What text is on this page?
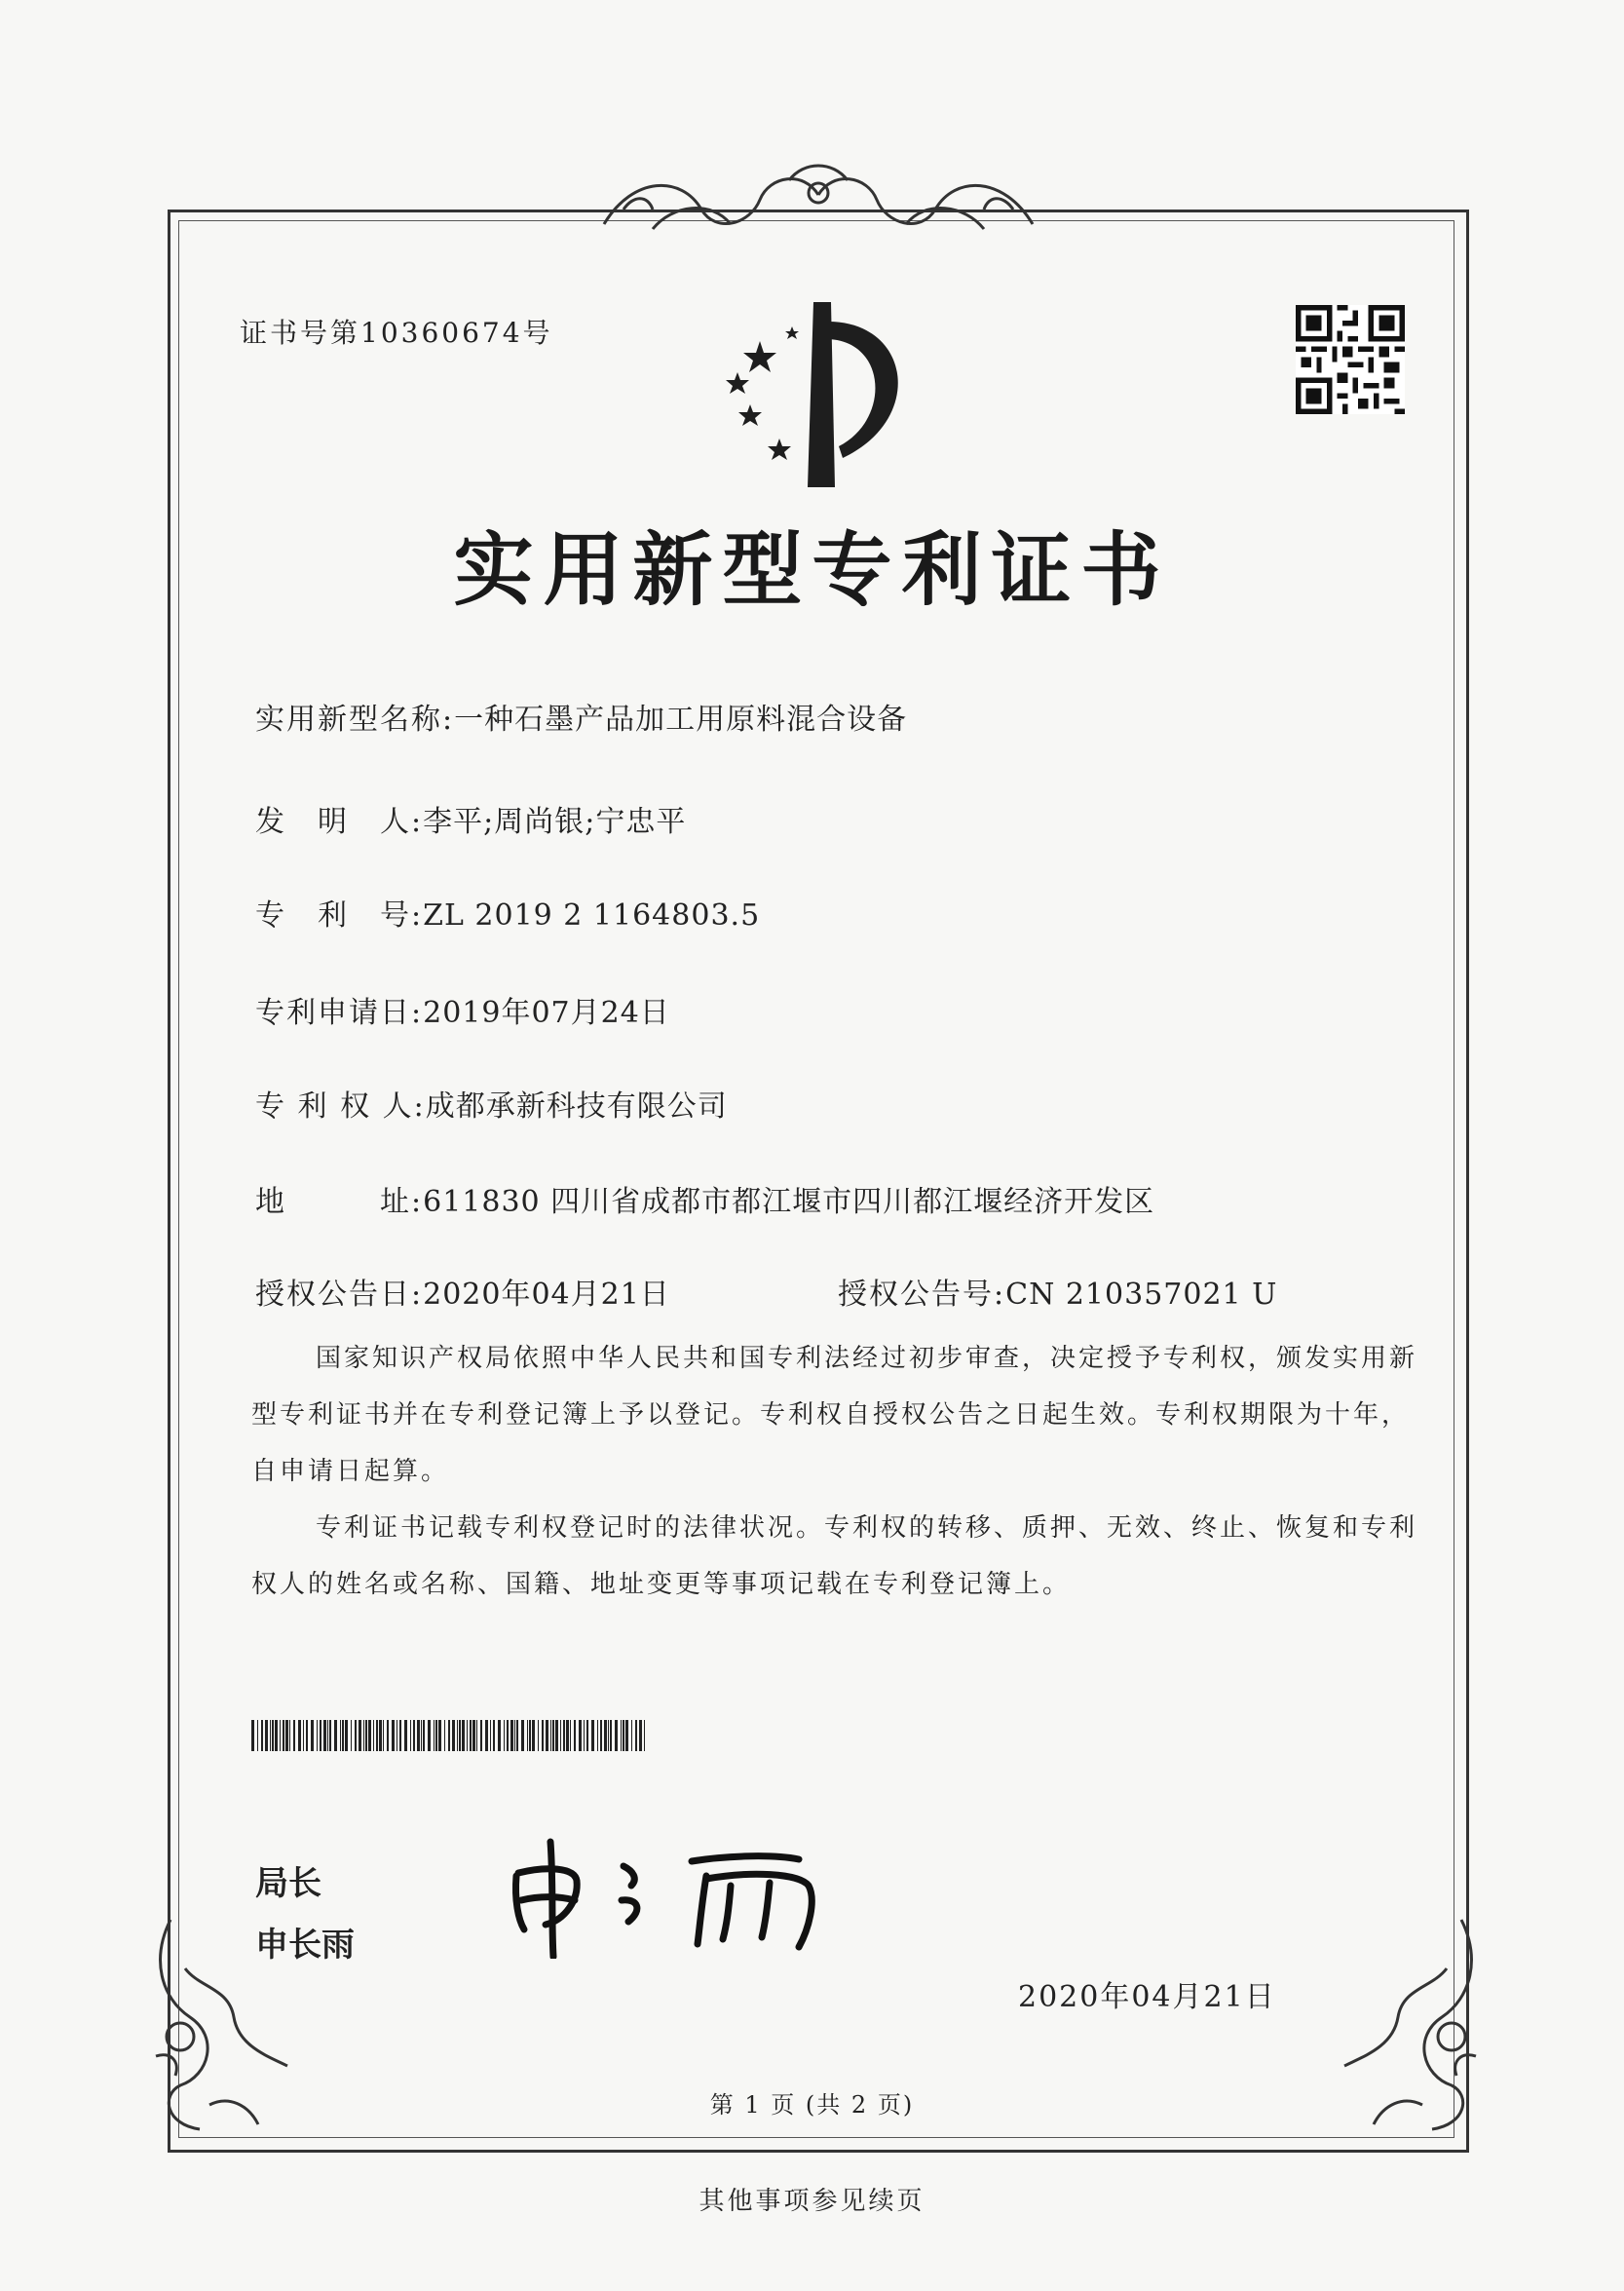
证书号第10360674号
实用新型专利证书
实用新型名称:一种石墨产品加工用原料混合设备
发　明　人:李平;周尚银;宁忠平
专　利　号:ZL 2019 2 1164803.5
专利申请日:2019年07月24日
专 利 权 人:成都承新科技有限公司
地　　　址:611830 四川省成都市都江堰市四川都江堰经济开发区
授权公告日:2020年04月21日	授权公告号:CN 210357021 U

国家知识产权局依照中华人民共和国专利法经过初步审查，决定授予专利权，颁发实用新型专利证书并在专利登记簿上予以登记。专利权自授权公告之日起生效。专利权期限为十年，自申请日起算。

专利证书记载专利权登记时的法律状况。专利权的转移、质押、无效、终止、恢复和专利权人的姓名或名称、国籍、地址变更等事项记载在专利登记簿上。

局长
申长雨
2020年04月21日
第 1 页 (共 2 页)
其他事项参见续页
